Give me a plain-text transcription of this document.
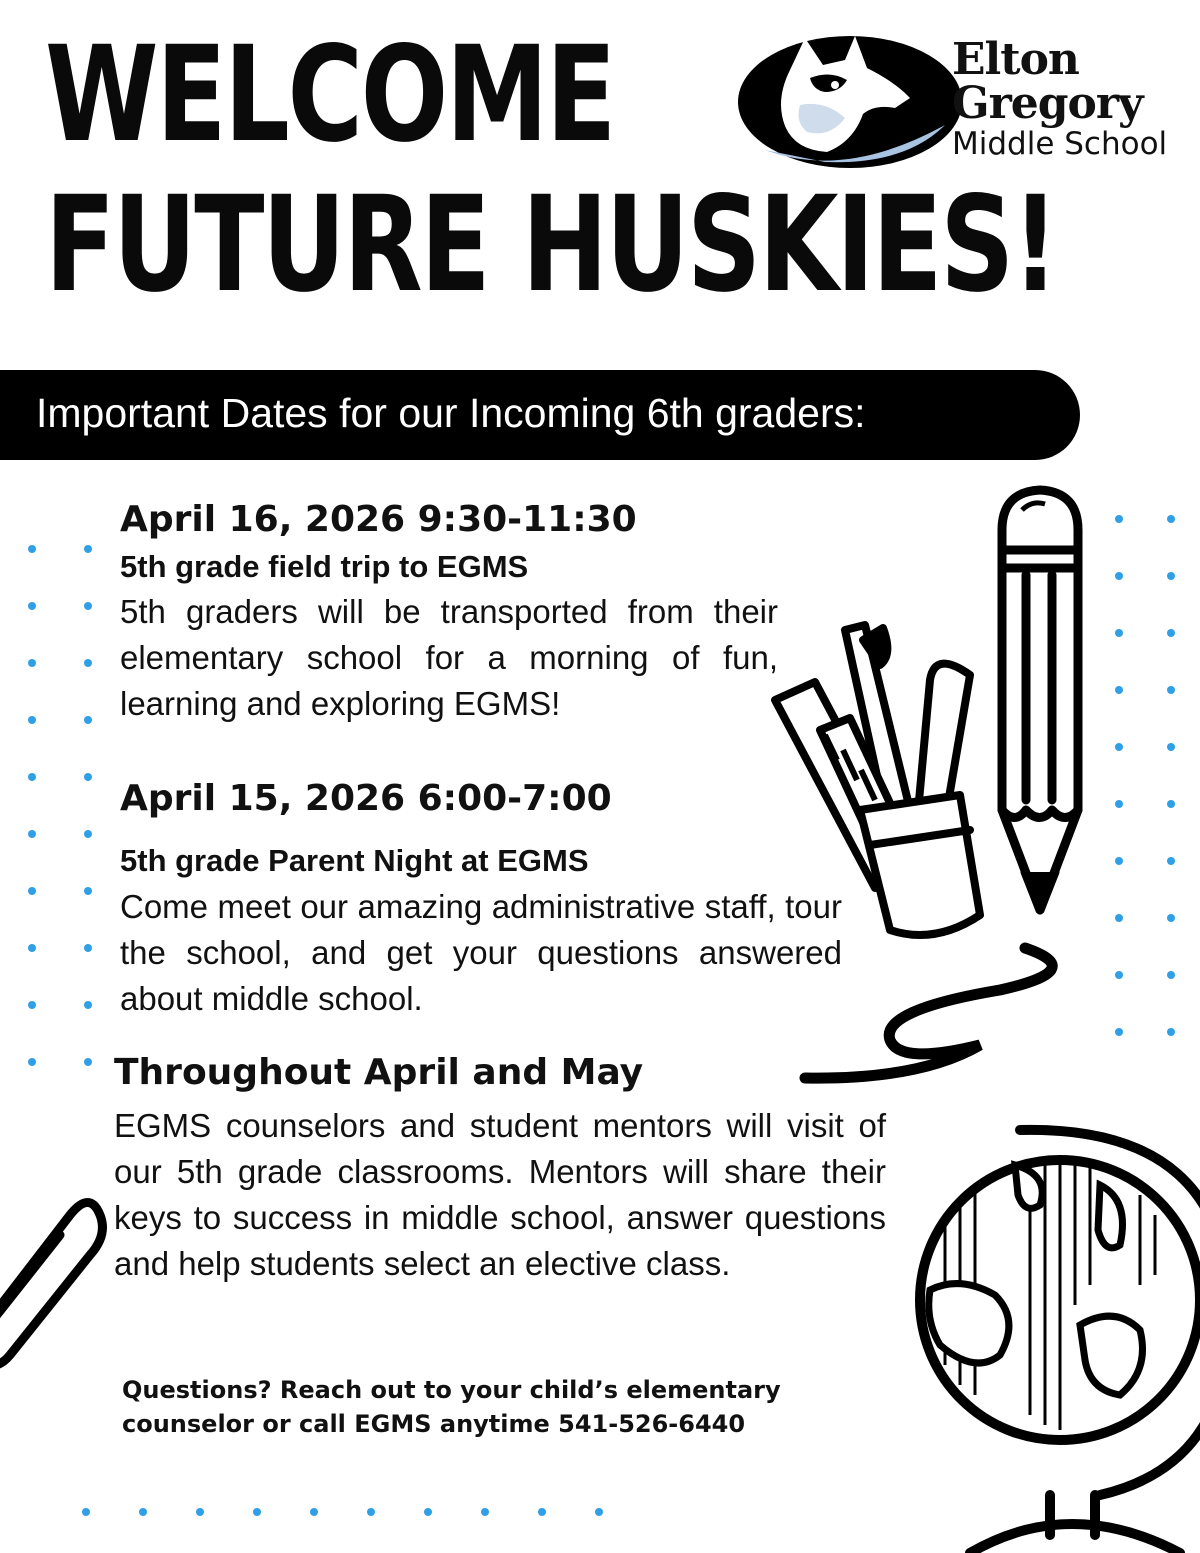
WELCOME
FUTURE HUSKIES!
Elton
Gregory
Middle School
Important Dates for our Incoming 6th graders:
April 16, 2026 9:30-11:30
5th grade field trip to EGMS
5th graders will be transported from their elementary school for a morning of fun, learning and exploring EGMS!
April 15, 2026 6:00-7:00
5th grade Parent Night at EGMS
Come meet our amazing administrative staff, tour the school, and get your questions answered about middle school.
Throughout April and May
EGMS counselors and student mentors will visit of our 5th grade classrooms. Mentors will share their keys to success in middle school, answer questions and help students select an elective class.
Questions? Reach out to your child’s elementary
counselor or call EGMS anytime 541-526-6440
